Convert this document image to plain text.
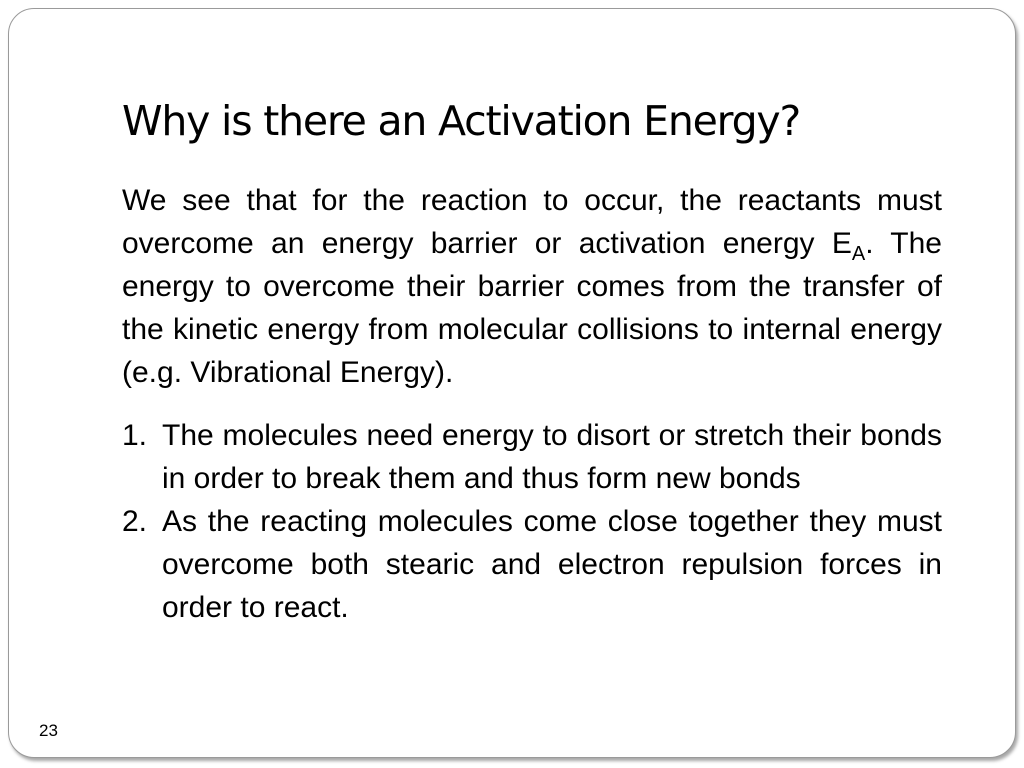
Why is there an Activation Energy?

We see that for the reaction to occur, the reactants must overcome an energy barrier or activation energy $E_A$. The energy to overcome their barrier comes from the transfer of the kinetic energy from molecular collisions to internal energy (e.g. Vibrational Energy).

1. The molecules need energy to disort or stretch their bonds in order to break them and thus form new bonds
2. As the reacting molecules come close together they must overcome both stearic and electron repulsion forces in order to react.
23
